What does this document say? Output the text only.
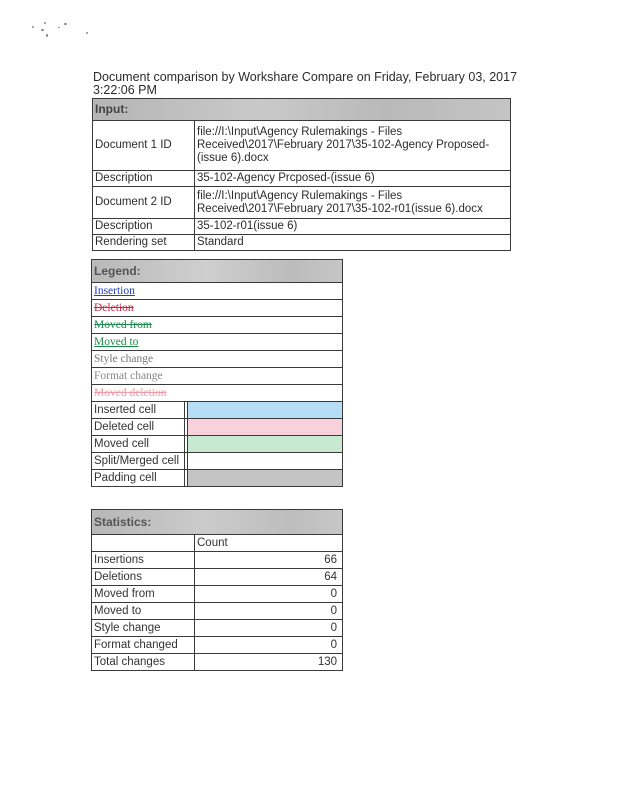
Document comparison by Workshare Compare on Friday, February 03, 2017 3:22:06 PM
Input:	
Document 1 ID	file://I:\Input\Agency Rulemakings - Files Received\2017\February 2017\35-102-Agency Proposed-(issue 6).docx
Description	35-102-Agency Prcposed-(issue 6)
Document 2 ID	file://I:\Input\Agency Rulemakings - Files Received\2017\February 2017\35-102-r01(issue 6).docx
Description	35-102-r01(issue 6)
Rendering set	Standard
Legend:		
Insertion		
Deletion		
Moved from		
Moved to		
Style change		
Format change		
Moved deletion		
Inserted cell		
Deleted cell		
Moved cell		
Split/Merged cell		
Padding cell		
Statistics:	
	Count
Insertions	66
Deletions	64
Moved from	0
Moved to	0
Style change	0
Format changed	0
Total changes	130
